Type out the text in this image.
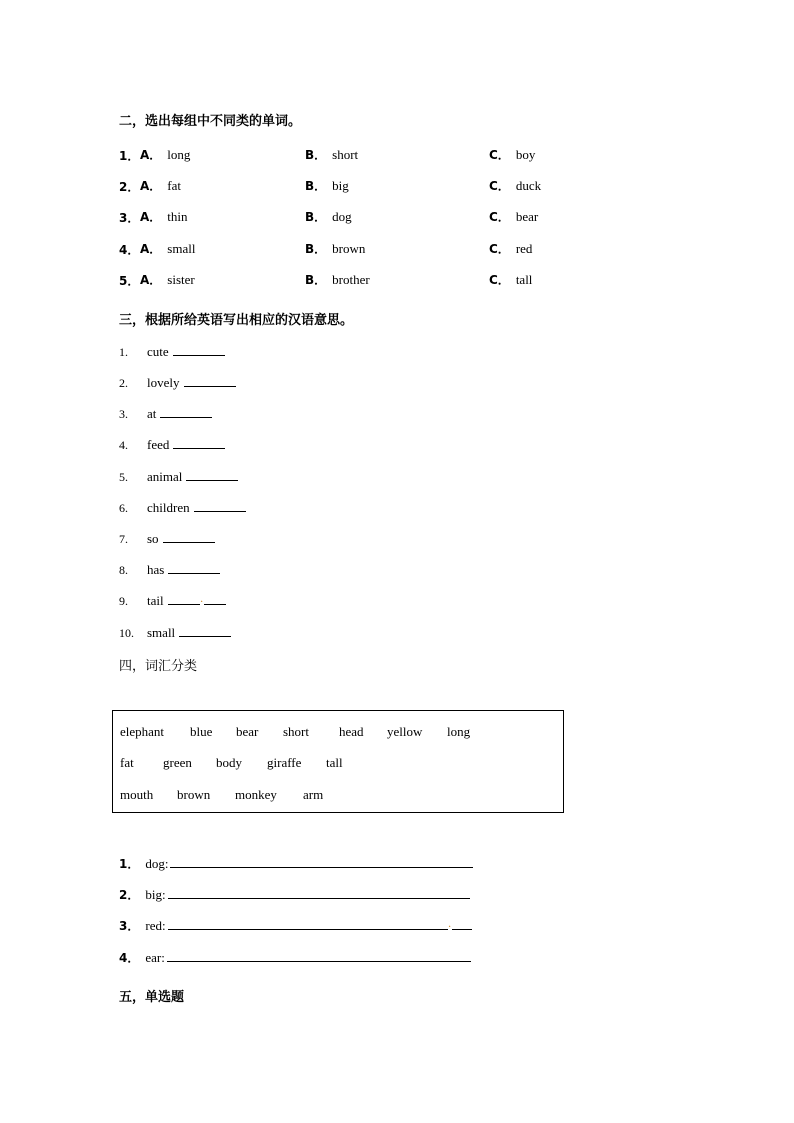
二，选出每组中不同类的单词。
1． A． long	B． short	C． boy
2． A． fat	B． big	C． duck
3． A． thin	B． dog	C． bear
4． A． small	B． brown	C． red
5． A． sister	B． brother	C． tall
三，根据所给英语写出相应的汉语意思。
1. cute
2. lovely
3. at
4. feed
5. animal
6. children
7. so
8. has
9. tail	·
10. small
四，词汇分类
elephant blue bear short head yellow long
fat green body giraffe tall
mouth brown monkey arm
1． dog:
2． big:
3． red:	·
4． ear:
五，单选题
